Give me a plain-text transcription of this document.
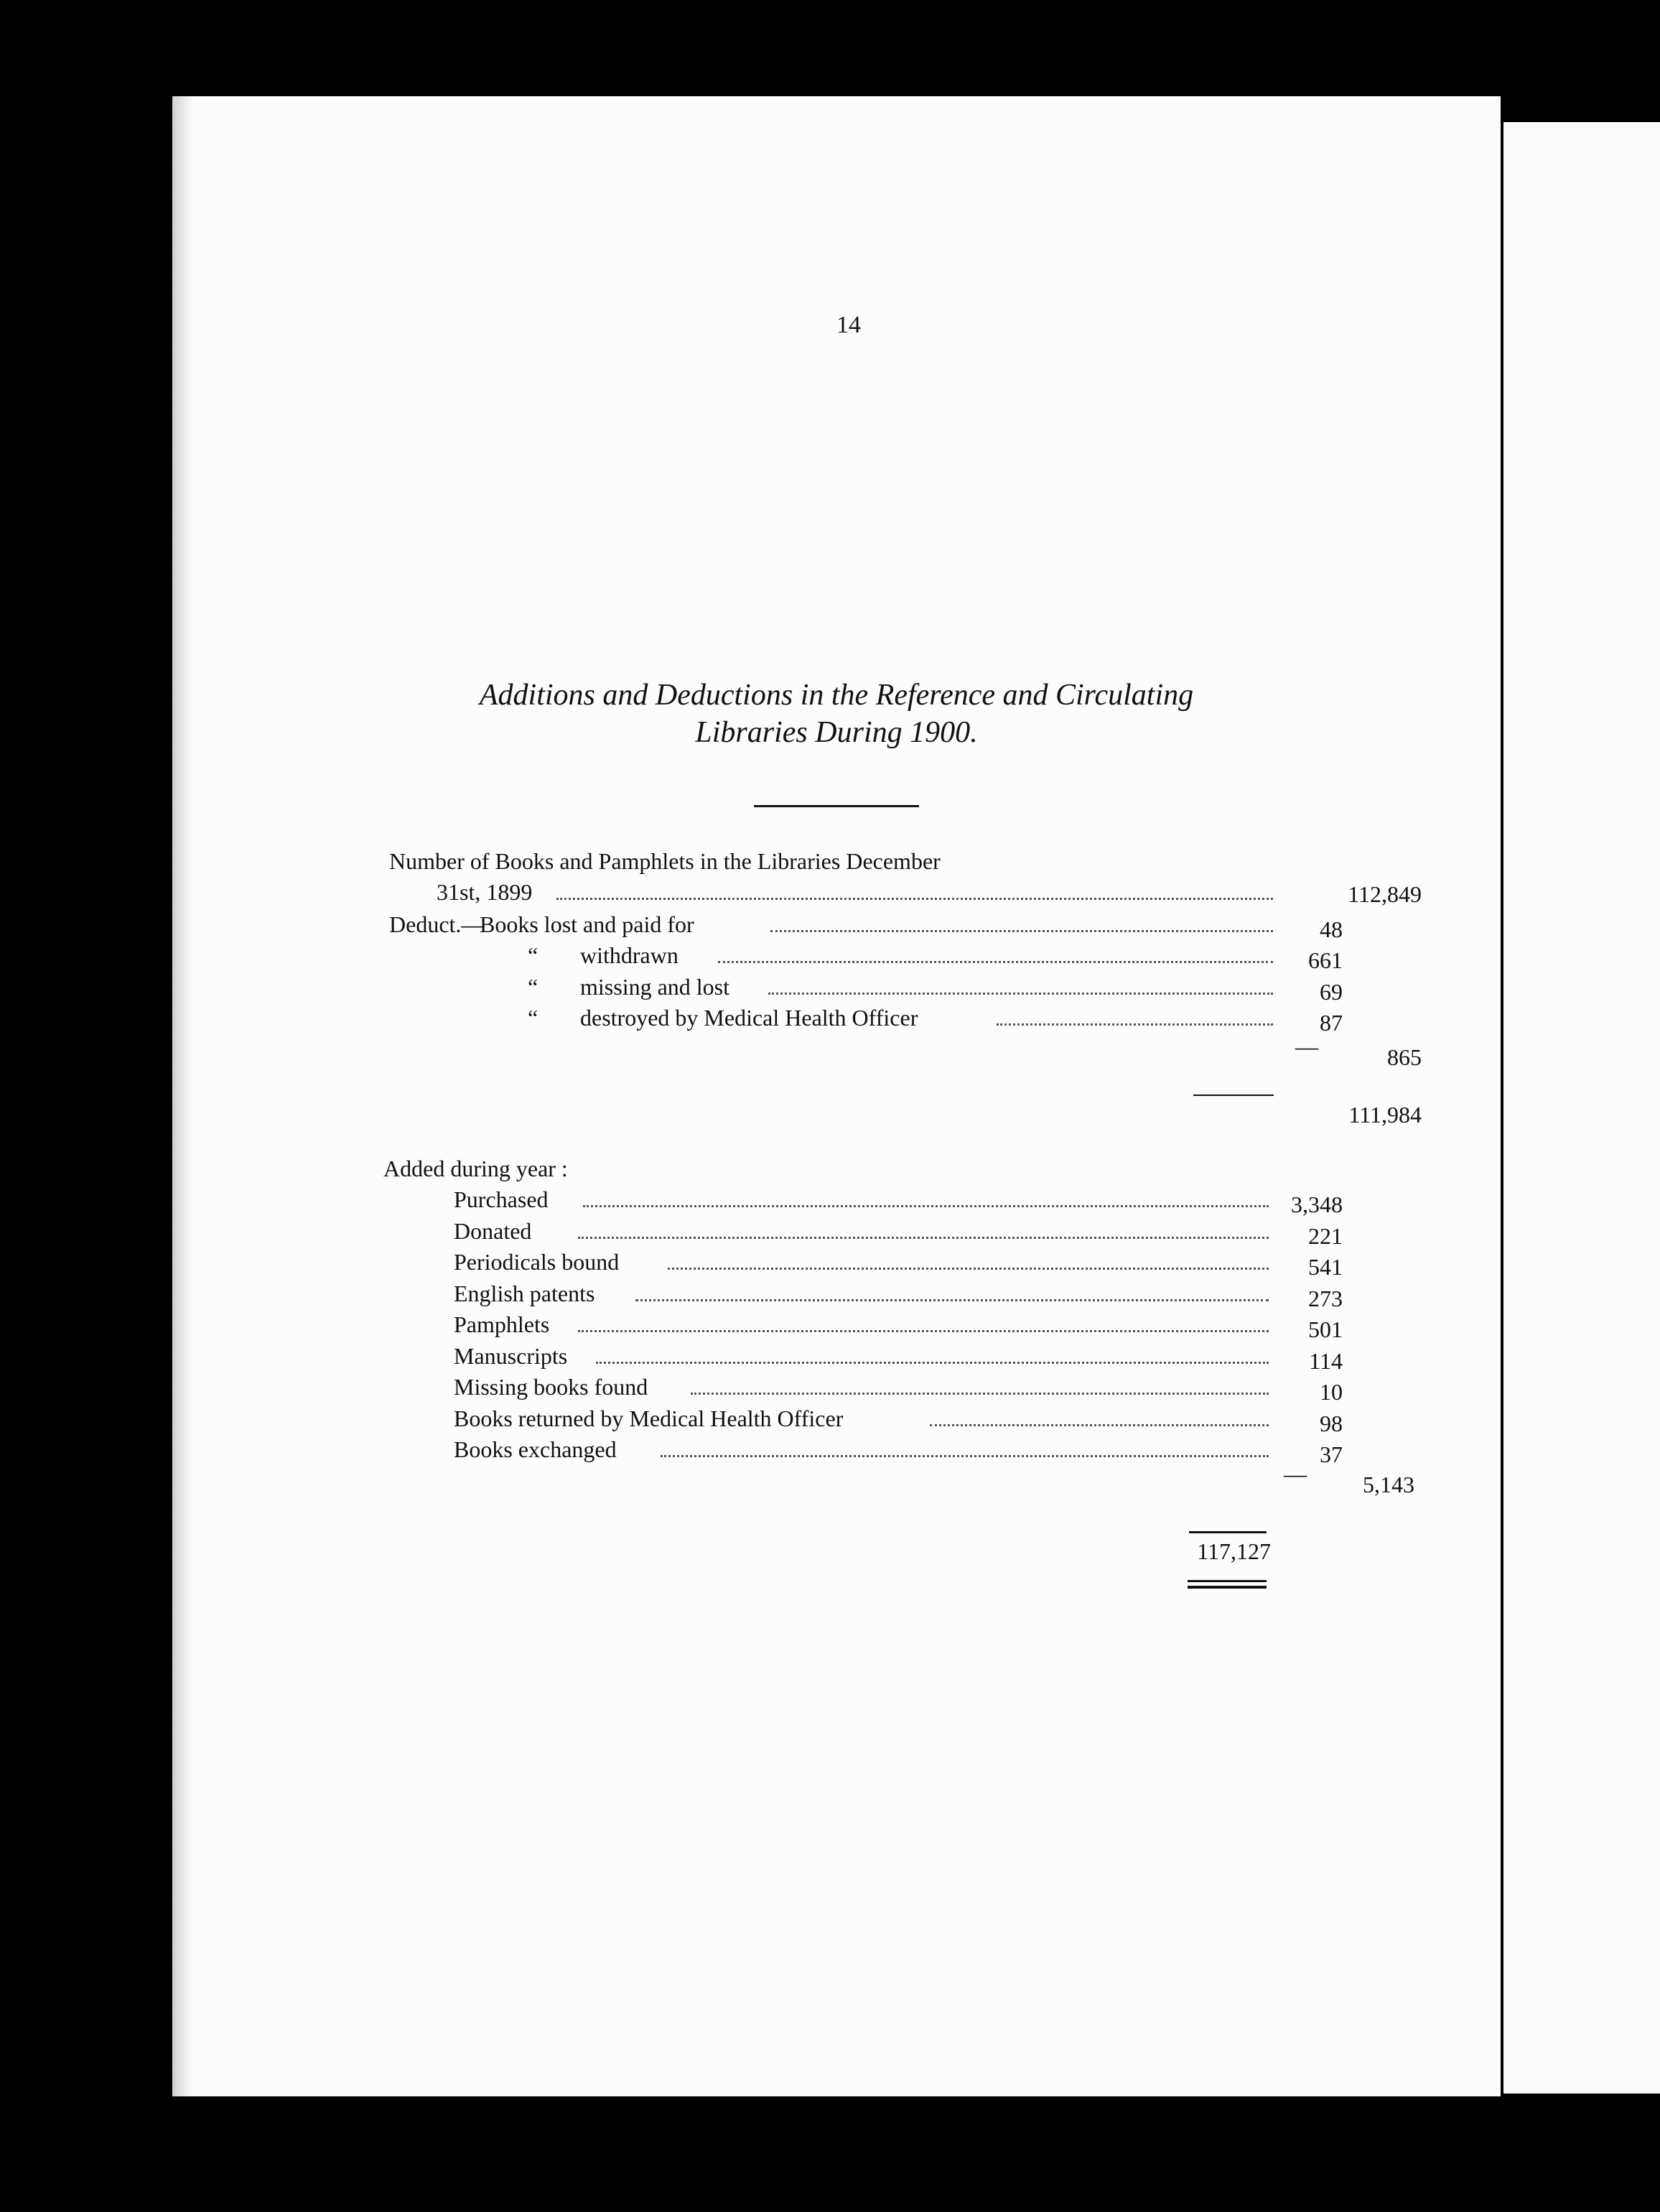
14
Additions and Deductions in the Reference and Circulating
Libraries During 1900.
Number of Books and Pamphlets in the Libraries December
31st, 1899	112,849
Deduct.—
Books lost and paid for	48
“ withdrawn	661
“ missing and lost	69
“ destroyed by Medical Health Officer	87
—	865
111,984
Added during year :
Purchased	3,348
Donated	221
Periodicals bound	541
English patents	273
Pamphlets	501
Manuscripts	114
Missing books found	10
Books returned by Medical Health Officer	98
Books exchanged	37
—	5,143
117,127
